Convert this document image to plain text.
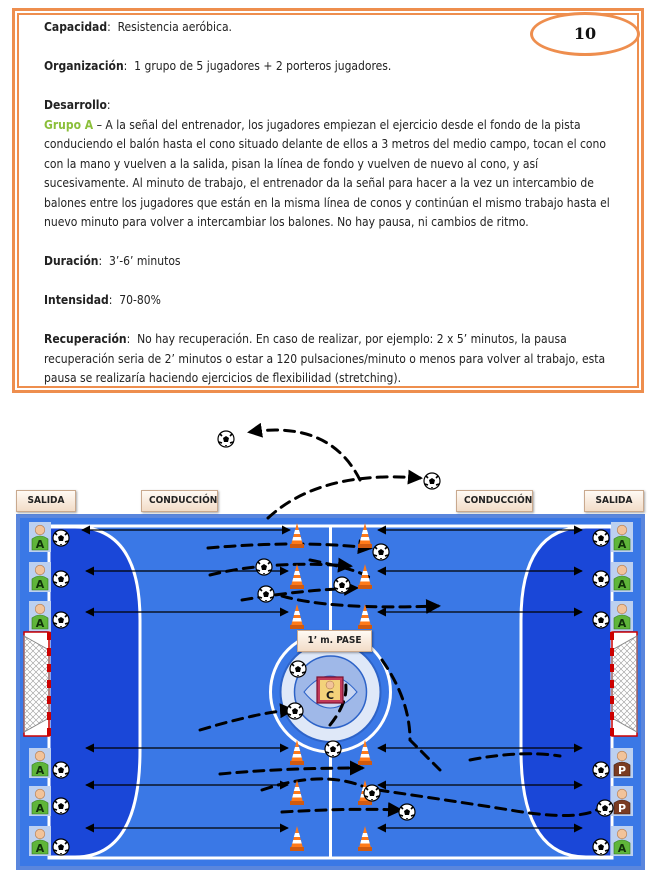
10

Capacidad:  Resistencia aeróbica.

Organización:  1 grupo de 5 jugadores + 2 porteros jugadores.

Desarrollo:

Grupo A – A la señal del entrenador, los jugadores empiezan el ejercicio desde el fondo de la pista conduciendo el balón hasta el cono situado delante de ellos a 3 metros del medio campo, tocan el cono con la mano y vuelven a la salida, pisan la línea de fondo y vuelven de nuevo al cono, y así sucesivamente. Al minuto de trabajo, el entrenador da la señal para hacer a la vez un intercambio de balones entre los jugadores que están en la misma línea de conos y continúan el mismo trabajo hasta el nuevo minuto para volver a intercambiar los balones. No hay pausa, ni cambios de ritmo.

Duración:  3’-6’ minutos

Intensidad:  70-80%

Recuperación:  No hay recuperación. En caso de realizar, por ejemplo: 2 x 5’ minutos, la pausa recuperación seria de 2’ minutos o estar a 120 pulsaciones/minuto o menos para volver al trabajo, esta pausa se realizaría haciendo ejercicios de flexibilidad (stretching).

C
SALIDA	CONDUCCIÓN	CONDUCCIÓN	SALIDA
1’ m. PASE
